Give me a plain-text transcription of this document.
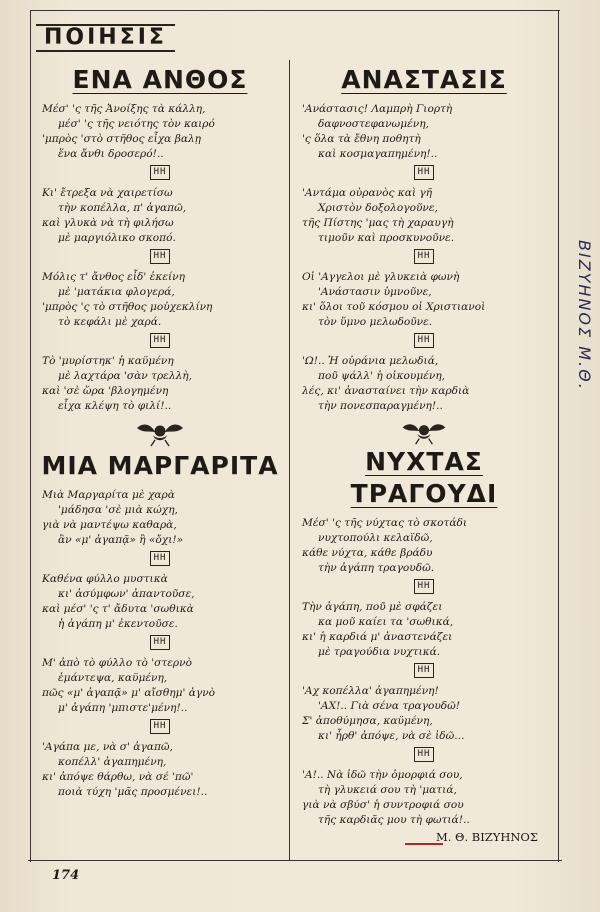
ΠΟΙΗΣΙΣ
ΕΝΑ ΑΝΘΟΣ
Μέσ' 'ς τῆς Ἀνοίξης τὰ κάλλη,
μέσ' 'ς τῆς νειότης τὸν καιρό
'μπρὸς 'στὸ στῆθος εἶχα βαλῃ
ἕνα ἄνθι δροσερό!..
HH
Κι' ἔτρεξα νὰ χαιρετίσω
τὴν κοπέλλα, π' ἀγαπῶ,
καὶ γλυκὰ νὰ τὴ φιλήσω
μὲ μαργιόλικο σκοπό.
HH
Μόλις τ' ἄνθος εἶδ' ἐκείνη
μὲ 'ματάκια φλογερά,
'μπρὸς 'ς τὸ στῆθος μοὐχεκλίνη
τὸ κεφάλι μὲ χαρά.
HH
Τὸ 'μυρίστηκ' ἡ καϋμένη
μὲ λαχτάρα 'σὰν τρελλὴ,
καὶ 'σὲ ὥρα 'βλογημένη
εἶχα κλέψη τὸ φιλί!..
ΜΙΑ ΜΑΡΓΑΡΙΤΑ
Μιὰ Μαργαρίτα μὲ χαρὰ
'μάδησα 'σὲ μιὰ κώχη,
γιὰ νὰ μαντέψω καθαρὰ,
ἂν «μ' ἀγαπᾷ» ἢ «ὄχι!»
HH
Καθένα φύλλο μυστικὰ
κι' ἀσύμφων' ἀπαντοῦσε,
καὶ μέσ' 'ς τ' ἄδυτα 'σωθικὰ
ἡ ἀγάπη μ' ἐκεντοῦσε.
HH
Μ' ἀπὸ τὸ φύλλο τὸ 'στερνὸ
ἐμάντεψα, καϋμένη,
πῶς «μ' ἀγαπᾷ» μ' αἴσθημ' ἁγνὸ
μ' ἀγάπη 'μπιστε'μένη!..
HH
'Αγάπα με, νὰ σ' ἀγαπῶ,
κοπέλλ' ἀγαπημένη,
κι' ἀπόψε θάρθω, νὰ σέ 'πῶ'
ποιὰ τύχη 'μᾶς προσμένει!..
ΑΝΑΣΤΑΣΙΣ
'Ανάστασις! Λαμπρὴ Γιορτὴ
δαφνοστεφανωμένη,
'ς ὅλα τὰ ἔθνη ποθητὴ
καὶ κοσμαγαπημένη!..
HH
'Αντάμα οὐρανὸς καὶ γῆ
Χριστὸν δοξολογοῦνε,
τῆς Πίστης 'μας τὴ χαραυγὴ
τιμοῦν καὶ προσκυνοῦνε.
HH
Οἱ 'Αγγελοι μὲ γλυκειὰ φωνὴ
'Ανάστασιν ὑμνοῦνε,
κι' ὅλοι τοῦ κόσμου οἱ Χριστιανοὶ
τὸν ὕμνο μελωδοῦνε.
HH
'Ω!.. Ἡ οὐράνια μελωδιά,
ποῦ ψάλλ' ἡ οἰκουμένη,
λές, κι' ἀνασταίνει τὴν καρδιὰ
τὴν πονεσπαραγμένη!..
ΝΥΧΤΑΣ ΤΡΑΓΟΥΔΙ
Μέσ' 'ς τῆς νύχτας τὸ σκοτάδι
νυχτοπούλι κελαϊδῶ,
κάθε νύχτα, κάθε βράδυ
τὴν ἀγάπη τραγουδῶ.
HH
Τὴν ἀγάπη, ποῦ μὲ σφάζει
κα μοῦ καίει τα 'σωθικά,
κι' ἡ καρδιά μ' ἀναστενάζει
μὲ τραγούδια νυχτικά.
HH
'Αχ κοπέλλα' ἀγαπημένη!
'ΑΧ!.. Γιὰ σένα τραγουδῶ!
Σ' ἀποθύμησα, καϋμένη,
κι' ἦρθ' ἀπόψε, νὰ σὲ ἰδῶ...
HH
'Α!.. Νὰ ἰδῶ τὴν ὀμορφιά σου,
τὴ γλυκειά σου τὴ 'ματιά,
γιὰ νὰ σβύσ' ἡ συντροφιά σου
τῆς καρδιᾶς μου τὴ φωτιά!..
Μ. Θ. ΒΙΖΥΗΝΟΣ
ΒΙΖΥΗΝΟΣ Μ.Θ.
174
